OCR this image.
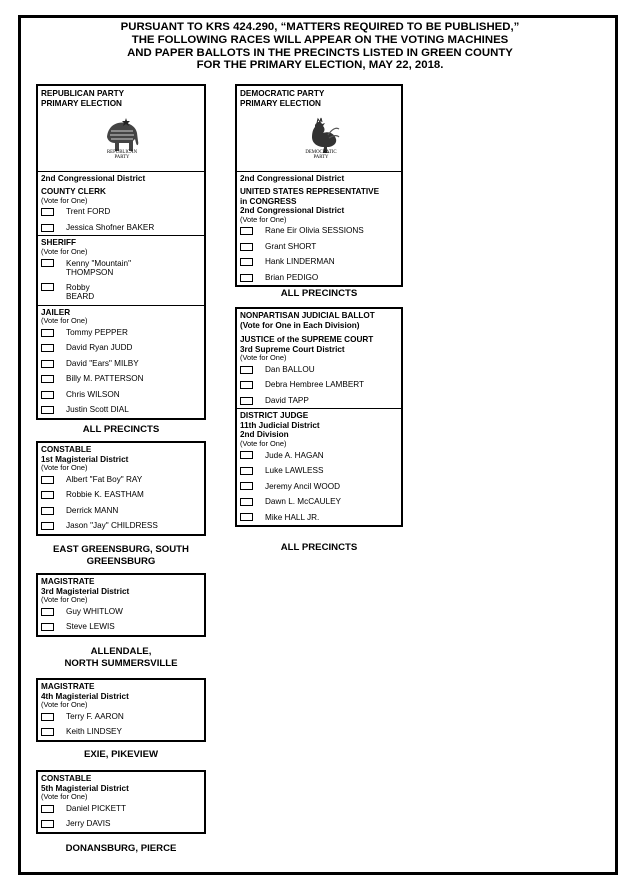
PURSUANT TO KRS 424.290, “MATTERS REQUIRED TO BE PUBLISHED,”
THE FOLLOWING RACES WILL APPEAR ON THE VOTING MACHINES
AND PAPER BALLOTS IN THE PRECINCTS LISTED IN GREEN COUNTY
FOR THE PRIMARY ELECTION, MAY 22, 2018.
REPUBLICAN PARTY
PRIMARY ELECTION
REPUBLICAN
PARTY
2nd Congressional District
COUNTY CLERK
(Vote for One)
Trent FORD
Jessica Shofner BAKER
SHERIFF
(Vote for One)
Kenny "Mountain"
THOMPSON
Robby
BEARD
JAILER
(Vote for One)
Tommy PEPPER
David Ryan JUDD
David "Ears" MILBY
Billy M. PATTERSON
Chris WILSON
Justin Scott DIAL
ALL PRECINCTS
CONSTABLE
1st Magisterial District
(Vote for One)
Albert "Fat Boy" RAY
Robbie K. EASTHAM
Derrick MANN
Jason "Jay" CHILDRESS
EAST GREENSBURG, SOUTH
GREENSBURG
MAGISTRATE
3rd Magisterial District
(Vote for One)
Guy WHITLOW
Steve LEWIS
ALLENDALE,
NORTH SUMMERSVILLE
MAGISTRATE
4th Magisterial District
(Vote for One)
Terry F. AARON
Keith LINDSEY
EXIE, PIKEVIEW
CONSTABLE
5th Magisterial District
(Vote for One)
Daniel PICKETT
Jerry DAVIS
DONANSBURG, PIERCE
DEMOCRATIC PARTY
PRIMARY ELECTION
DEMOCRATIC
PARTY
2nd Congressional District
UNITED STATES REPRESENTATIVE
in CONGRESS
2nd Congressional District
(Vote for One)
Rane Eir Olivia SESSIONS
Grant SHORT
Hank LINDERMAN
Brian PEDIGO
ALL PRECINCTS
NONPARTISAN JUDICIAL BALLOT
(Vote for One in Each Division)
JUSTICE of the SUPREME COURT
3rd Supreme Court District
(Vote for One)
Dan BALLOU
Debra Hembree LAMBERT
David TAPP
DISTRICT JUDGE
11th Judicial District
2nd Division
(Vote for One)
Jude A. HAGAN
Luke LAWLESS
Jeremy Ancil WOOD
Dawn L. McCAULEY
Mike HALL JR.
ALL PRECINCTS
